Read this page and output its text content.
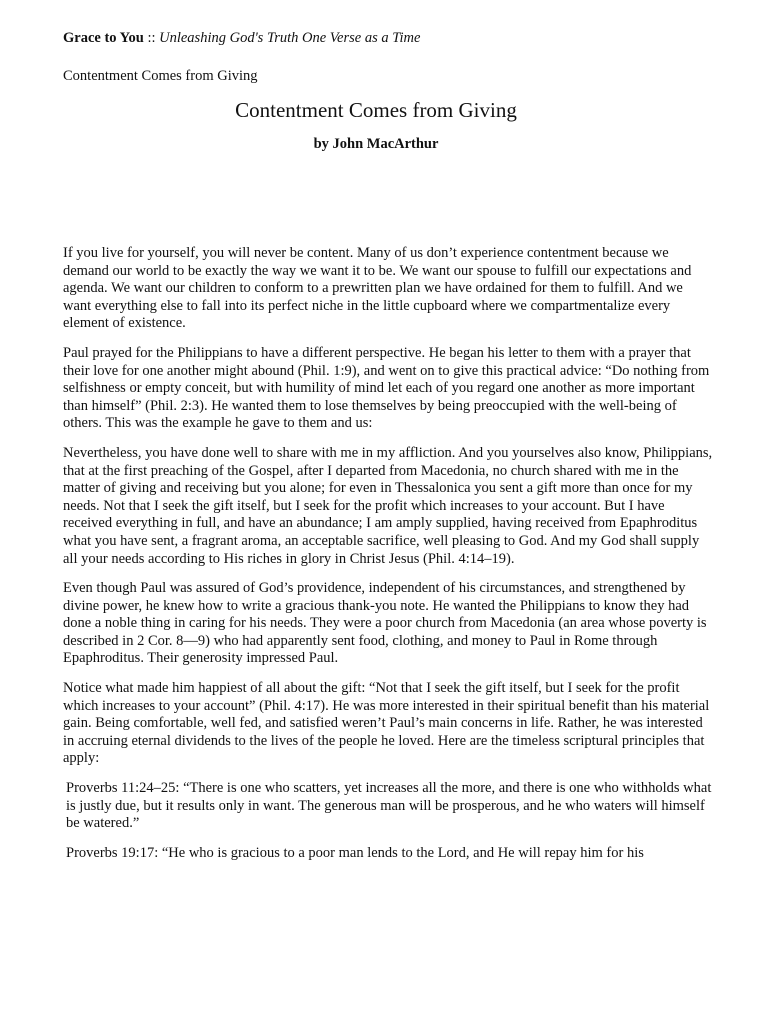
Grace to You :: Unleashing God's Truth One Verse as a Time

Contentment Comes from Giving

Contentment Comes from Giving

by John MacArthur

If you live for yourself, you will never be content. Many of us don’t experience contentment because we demand our world to be exactly the way we want it to be. We want our spouse to fulfill our expectations and agenda. We want our children to conform to a prewritten plan we have ordained for them to fulfill. And we want everything else to fall into its perfect niche in the little cupboard where we compartmentalize every element of existence.

Paul prayed for the Philippians to have a different perspective. He began his letter to them with a prayer that their love for one another might abound (Phil. 1:9), and went on to give this practical advice: “Do nothing from selfishness or empty conceit, but with humility of mind let each of you regard one another as more important than himself” (Phil. 2:3). He wanted them to lose themselves by being preoccupied with the well-being of others. This was the example he gave to them and us:

Nevertheless, you have done well to share with me in my affliction. And you yourselves also know, Philippians, that at the first preaching of the Gospel, after I departed from Macedonia, no church shared with me in the matter of giving and receiving but you alone; for even in Thessalonica you sent a gift more than once for my needs. Not that I seek the gift itself, but I seek for the profit which increases to your account. But I have received everything in full, and have an abundance; I am amply supplied, having received from Epaphroditus what you have sent, a fragrant aroma, an acceptable sacrifice, well pleasing to God. And my God shall supply all your needs according to His riches in glory in Christ Jesus (Phil. 4:14–19).

Even though Paul was assured of God’s providence, independent of his circumstances, and strengthened by divine power, he knew how to write a gracious thank-you note. He wanted the Philippians to know they had done a noble thing in caring for his needs. They were a poor church from Macedonia (an area whose poverty is described in 2 Cor. 8—9) who had apparently sent food, clothing, and money to Paul in Rome through Epaphroditus. Their generosity impressed Paul.

Notice what made him happiest of all about the gift: “Not that I seek the gift itself, but I seek for the profit which increases to your account” (Phil. 4:17). He was more interested in their spiritual benefit than his material gain. Being comfortable, well fed, and satisfied weren’t Paul’s main concerns in life. Rather, he was interested in accruing eternal dividends to the lives of the people he loved. Here are the timeless scriptural principles that apply:

Proverbs 11:24–25: “There is one who scatters, yet increases all the more, and there is one who withholds what is justly due, but it results only in want. The generous man will be prosperous, and he who waters will himself be watered.”

Proverbs 19:17: “He who is gracious to a poor man lends to the Lord, and He will repay him for his
